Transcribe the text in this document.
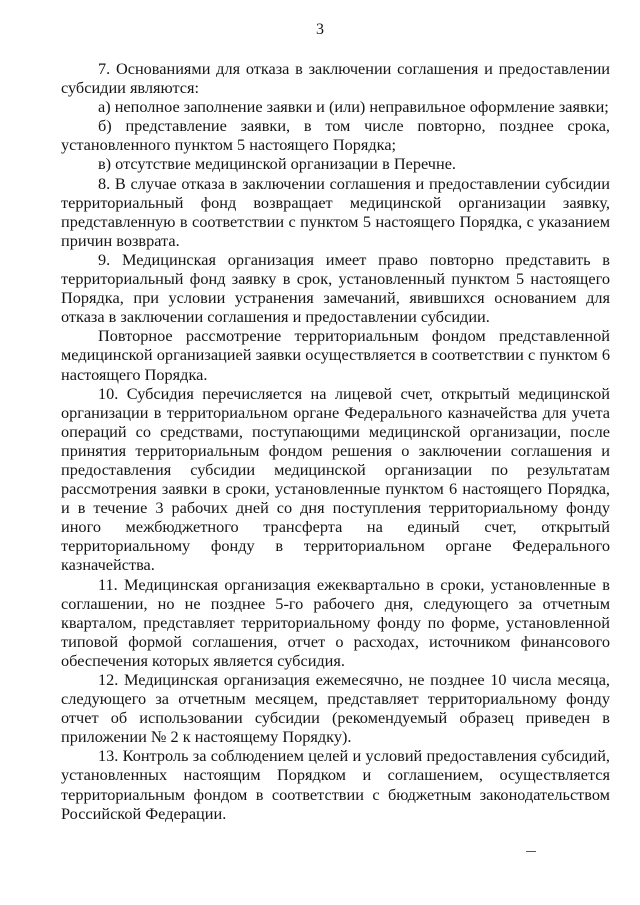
3

7. Основаниями для отказа в заключении соглашения и предоставлении субсидии являются:

а) неполное заполнение заявки и (или) неправильное оформление заявки;

б) представление заявки, в том числе повторно, позднее срока, установленного пунктом 5 настоящего Порядка;

в) отсутствие медицинской организации в Перечне.

8. В случае отказа в заключении соглашения и предоставлении субсидии территориальный фонд возвращает медицинской организации заявку, представленную в соответствии с пунктом 5 настоящего Порядка, с указанием причин возврата.

9. Медицинская организация имеет право повторно представить в территориальный фонд заявку в срок, установленный пунктом 5 настоящего Порядка, при условии устранения замечаний, явившихся основанием для отказа в заключении соглашения и предоставлении субсидии.

Повторное рассмотрение территориальным фондом представленной медицинской организацией заявки осуществляется в соответствии с пунктом 6 настоящего Порядка.

10. Субсидия перечисляется на лицевой счет, открытый медицинской организации в территориальном органе Федерального казначейства для учета операций со средствами, поступающими медицинской организации, после принятия территориальным фондом решения о заключении соглашения и предоставления субсидии медицинской организации по результатам рассмотрения заявки в сроки, установленные пунктом 6 настоящего Порядка, и в течение 3 рабочих дней со дня поступления территориальному фонду иного межбюджетного трансферта на единый счет, открытый территориальному фонду в территориальном органе Федерального казначейства.

11. Медицинская организация ежеквартально в сроки, установленные в соглашении, но не позднее 5-го рабочего дня, следующего за отчетным кварталом, представляет территориальному фонду по форме, установленной типовой формой соглашения, отчет о расходах, источником финансового обеспечения которых является субсидия.

12. Медицинская организация ежемесячно, не позднее 10 числа месяца, следующего за отчетным месяцем, представляет территориальному фонду отчет об использовании субсидии (рекомендуемый образец приведен в приложении № 2 к настоящему Порядку).

13. Контроль за соблюдением целей и условий предоставления субсидий, установленных настоящим Порядком и соглашением, осуществляется территориальным фондом в соответствии с бюджетным законодательством Российской Федерации.
